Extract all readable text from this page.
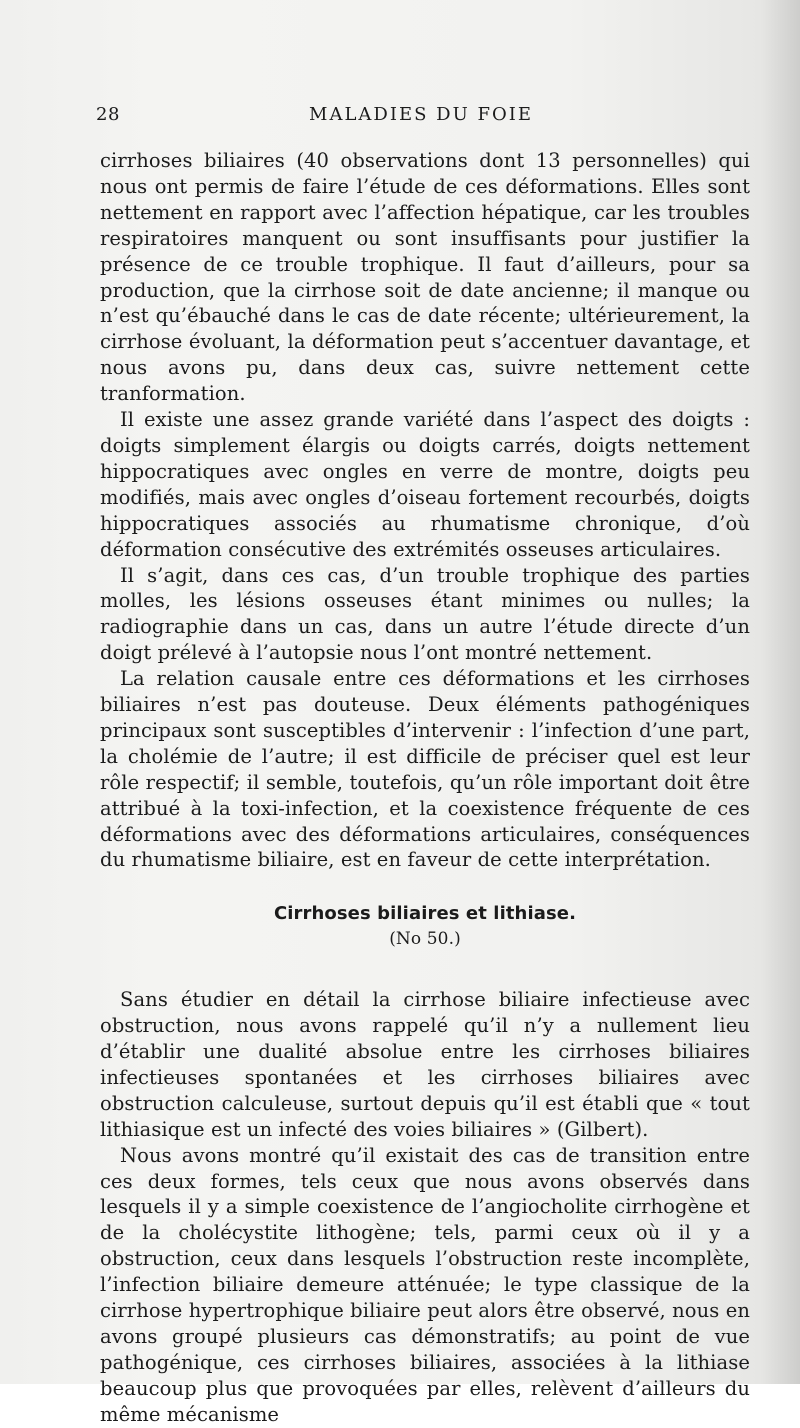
28	MALADIES DU FOIE

cirrhoses biliaires (40 observations dont 13 personnelles) qui nous ont permis de faire l’étude de ces déformations. Elles sont nettement en rapport avec l’affection hépatique, car les troubles respiratoires manquent ou sont insuffisants pour justifier la présence de ce trouble trophique. Il faut d’ailleurs, pour sa production, que la cirrhose soit de date ancienne; il manque ou n’est qu’ébauché dans le cas de date récente; ultérieurement, la cirrhose évoluant, la déformation peut s’accentuer davantage, et nous avons pu, dans deux cas, suivre nettement cette tranformation.

Il existe une assez grande variété dans l’aspect des doigts : doigts simplement élargis ou doigts carrés, doigts nettement hippocratiques avec ongles en verre de montre, doigts peu modifiés, mais avec ongles d’oiseau fortement recourbés, doigts hippocratiques associés au rhumatisme chronique, d’où déformation consécutive des extrémités osseuses articulaires.

Il s’agit, dans ces cas, d’un trouble trophique des parties molles, les lésions osseuses étant minimes ou nulles; la radiographie dans un cas, dans un autre l’étude directe d’un doigt prélevé à l’autopsie nous l’ont montré nettement.

La relation causale entre ces déformations et les cirrhoses biliaires n’est pas douteuse. Deux éléments pathogéniques principaux sont susceptibles d’intervenir : l’infection d’une part, la cholémie de l’autre; il est difficile de préciser quel est leur rôle respectif; il semble, toutefois, qu’un rôle important doit être attribué à la toxi-infection, et la coexistence fréquente de ces déformations avec des déformations articulaires, conséquences du rhumatisme biliaire, est en faveur de cette interprétation.

Cirrhoses biliaires et lithiase.

(No 50.)

Sans étudier en détail la cirrhose biliaire infectieuse avec obstruction, nous avons rappelé qu’il n’y a nullement lieu d’établir une dualité absolue entre les cirrhoses biliaires infectieuses spontanées et les cirrhoses biliaires avec obstruction calculeuse, surtout depuis qu’il est établi que « tout lithiasique est un infecté des voies biliaires » (Gilbert).

Nous avons montré qu’il existait des cas de transition entre ces deux formes, tels ceux que nous avons observés dans lesquels il y a simple coexistence de l’angiocholite cirrhogène et de la cholécystite lithogène; tels, parmi ceux où il y a obstruction, ceux dans lesquels l’obstruction reste incomplète, l’infection biliaire demeure atténuée; le type classique de la cirrhose hypertrophique biliaire peut alors être observé, nous en avons groupé plusieurs cas démonstratifs; au point de vue pathogénique, ces cirrhoses biliaires, associées à la lithiase beaucoup plus que provoquées par elles, relèvent d’ailleurs du même mécanisme
